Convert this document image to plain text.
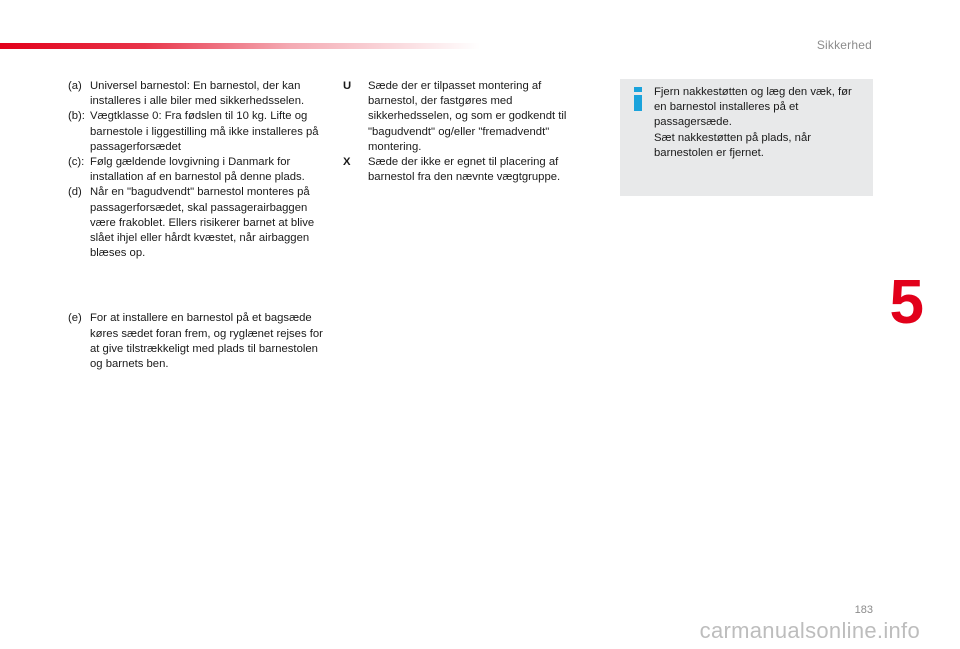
Sikkerhed
(a) Universel barnestol: En barnestol, der kan installeres i alle biler med sikkerhedsselen.
(b): Vægtklasse 0: Fra fødslen til 10 kg. Lifte og barnestole i liggestilling må ikke installeres på passagerforsædet
(c): Følg gældende lovgivning i Danmark for installation af en barnestol på denne plads.
(d) Når en "bagudvendt" barnestol monteres på passagerforsædet, skal passagerairbaggen være frakoblet. Ellers risikerer barnet at blive slået ihjel eller hårdt kvæstet, når airbaggen blæses op.
(e) For at installere en barnestol på et bagsæde køres sædet foran frem, og ryglænet rejses for at give tilstrækkeligt med plads til barnestolen og barnets ben.
U Sæde der er tilpasset montering af barnestol, der fastgøres med sikkerhedsselen, og som er godkendt til "bagudvendt" og/eller "fremadvendt" montering.
X Sæde der ikke er egnet til placering af barnestol fra den nævnte vægtgruppe.
Fjern nakkestøtten og læg den væk, før en barnestol installeres på et passagersæde.
Sæt nakkestøtten på plads, når barnestolen er fjernet.
5
183
carmanualsonline.info
